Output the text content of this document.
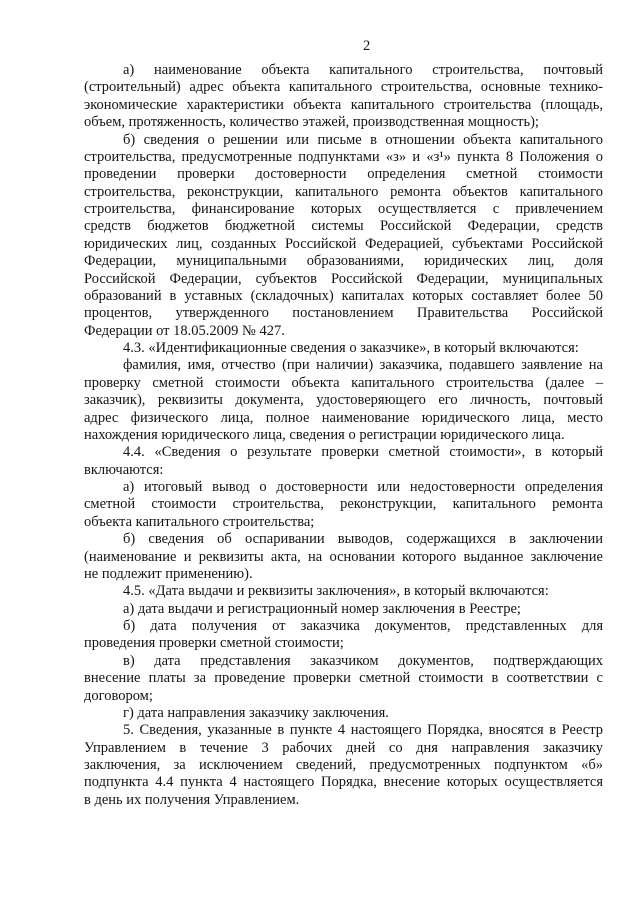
2
а) наименование объекта капитального строительства, почтовый
(строительный) адрес объекта капитального строительства, основные технико-
экономические характеристики объекта капитального строительства (площадь,
объем, протяженность, количество этажей, производственная мощность);
б) сведения о решении или письме в отношении объекта капитального
строительства, предусмотренные подпунктами «з» и «з¹» пункта 8 Положения о
проведении проверки достоверности определения сметной стоимости
строительства, реконструкции, капитального ремонта объектов капитального
строительства, финансирование которых осуществляется с привлечением
средств бюджетов бюджетной системы Российской Федерации, средств
юридических лиц, созданных Российской Федерацией, субъектами Российской
Федерации, муниципальными образованиями, юридических лиц, доля
Российской Федерации, субъектов Российской Федерации, муниципальных
образований в уставных (складочных) капиталах которых составляет более 50
процентов, утвержденного постановлением Правительства Российской
Федерации от 18.05.2009 № 427.
4.3. «Идентификационные сведения о заказчике», в который включаются:
фамилия, имя, отчество (при наличии) заказчика, подавшего заявление на
проверку сметной стоимости объекта капитального строительства (далее –
заказчик), реквизиты документа, удостоверяющего его личность, почтовый
адрес физического лица, полное наименование юридического лица, место
нахождения юридического лица, сведения о регистрации юридического лица.
4.4. «Сведения о результате проверки сметной стоимости», в который
включаются:
а) итоговый вывод о достоверности или недостоверности определения
сметной стоимости строительства, реконструкции, капитального ремонта
объекта капитального строительства;
б) сведения об оспаривании выводов, содержащихся в заключении
(наименование и реквизиты акта, на основании которого выданное заключение
не подлежит применению).
4.5. «Дата выдачи и реквизиты заключения», в который включаются:
а) дата выдачи и регистрационный номер заключения в Реестре;
б) дата получения от заказчика документов, представленных для
проведения проверки сметной стоимости;
в) дата представления заказчиком документов, подтверждающих
внесение платы за проведение проверки сметной стоимости в соответствии с
договором;
г) дата направления заказчику заключения.
5. Сведения, указанные в пункте 4 настоящего Порядка, вносятся в Реестр
Управлением в течение 3 рабочих дней со дня направления заказчику
заключения, за исключением сведений, предусмотренных подпунктом «б»
подпункта 4.4 пункта 4 настоящего Порядка, внесение которых осуществляется
в день их получения Управлением.
